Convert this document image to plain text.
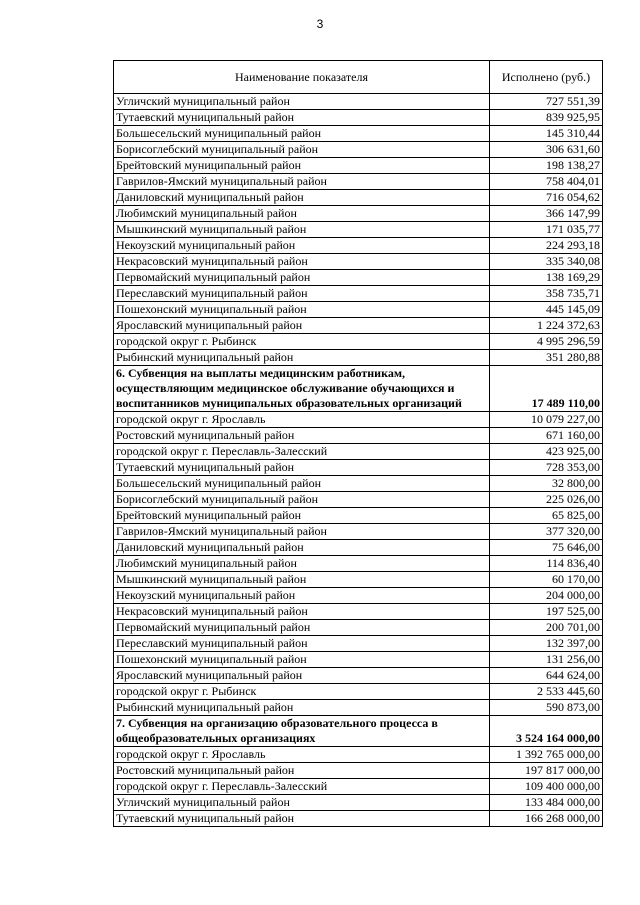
3
Наименование показателя	Исполнено (руб.)
Угличский муниципальный район	727 551,39
Тутаевский муниципальный район	839 925,95
Большесельский муниципальный район	145 310,44
Борисоглебский муниципальный район	306 631,60
Брейтовский муниципальный район	198 138,27
Гаврилов-Ямский муниципальный район	758 404,01
Даниловский муниципальный район	716 054,62
Любимский муниципальный район	366 147,99
Мышкинский муниципальный район	171 035,77
Некоузский муниципальный район	224 293,18
Некрасовский муниципальный район	335 340,08
Первомайский муниципальный район	138 169,29
Переславский муниципальный район	358 735,71
Пошехонский муниципальный район	445 145,09
Ярославский муниципальный район	1 224 372,63
городской округ г. Рыбинск	4 995 296,59
Рыбинский муниципальный район	351 280,88
6. Субвенция на выплаты медицинским работникам, осуществляющим медицинское обслуживание обучающихся и воспитанников муниципальных образовательных организаций	17 489 110,00
городской округ г. Ярославль	10 079 227,00
Ростовский муниципальный район	671 160,00
городской округ г. Переславль-Залесский	423 925,00
Тутаевский муниципальный район	728 353,00
Большесельский муниципальный район	32 800,00
Борисоглебский муниципальный район	225 026,00
Брейтовский муниципальный район	65 825,00
Гаврилов-Ямский муниципальный район	377 320,00
Даниловский муниципальный район	75 646,00
Любимский муниципальный район	114 836,40
Мышкинский муниципальный район	60 170,00
Некоузский муниципальный район	204 000,00
Некрасовский муниципальный район	197 525,00
Первомайский муниципальный район	200 701,00
Переславский муниципальный район	132 397,00
Пошехонский муниципальный район	131 256,00
Ярославский муниципальный район	644 624,00
городской округ г. Рыбинск	2 533 445,60
Рыбинский муниципальный район	590 873,00
7. Субвенция на организацию образовательного процесса в общеобразовательных организациях	3 524 164 000,00
городской округ г. Ярославль	1 392 765 000,00
Ростовский муниципальный район	197 817 000,00
городской округ г. Переславль-Залесский	109 400 000,00
Угличский муниципальный район	133 484 000,00
Тутаевский муниципальный район	166 268 000,00
